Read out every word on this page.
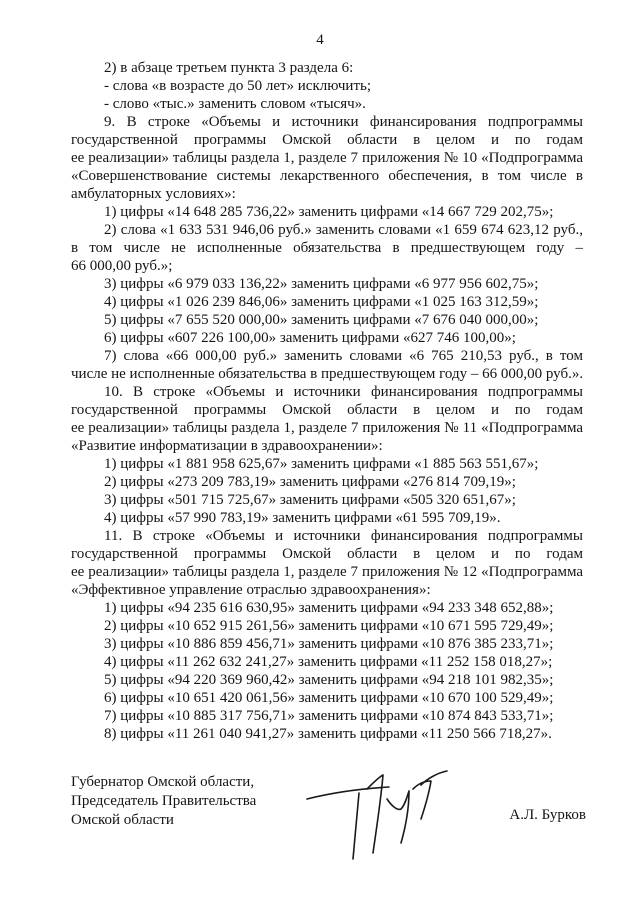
4
2) в абзаце третьем пункта 3 раздела 6:
- слова «в возрасте до 50 лет» исключить;
- слово «тыс.» заменить словом «тысяч».
9. В строке «Объемы и источники финансирования подпрограммы
государственной программы Омской области в целом и по годам
ее реализации» таблицы раздела 1, разделе 7 приложения № 10 «Подпрограмма
«Совершенствование системы лекарственного обеспечения, в том числе в
амбулаторных условиях»:
1) цифры «14 648 285 736,22» заменить цифрами «14 667 729 202,75»;
2) слова «1 633 531 946,06 руб.» заменить словами «1 659 674 623,12 руб.,
в том числе не исполненные обязательства в предшествующем году –
66 000,00 руб.»;
3) цифры «6 979 033 136,22» заменить цифрами «6 977 956 602,75»;
4) цифры «1 026 239 846,06» заменить цифрами «1 025 163 312,59»;
5) цифры «7 655 520 000,00» заменить цифрами «7 676 040 000,00»;
6) цифры «607 226 100,00» заменить цифрами «627 746 100,00»;
7) слова «66 000,00 руб.» заменить словами «6 765 210,53 руб., в том
числе не исполненные обязательства в предшествующем году – 66 000,00 руб.».
10. В строке «Объемы и источники финансирования подпрограммы
государственной программы Омской области в целом и по годам
ее реализации» таблицы раздела 1, разделе 7 приложения № 11 «Подпрограмма
«Развитие информатизации в здравоохранении»:
1) цифры «1 881 958 625,67» заменить цифрами «1 885 563 551,67»;
2) цифры «273 209 783,19» заменить цифрами «276 814 709,19»;
3) цифры «501 715 725,67» заменить цифрами «505 320 651,67»;
4) цифры «57 990 783,19» заменить цифрами «61 595 709,19».
11. В строке «Объемы и источники финансирования подпрограммы
государственной программы Омской области в целом и по годам
ее реализации» таблицы раздела 1, разделе 7 приложения № 12 «Подпрограмма
«Эффективное управление отраслью здравоохранения»:
1) цифры «94 235 616 630,95» заменить цифрами «94 233 348 652,88»;
2) цифры «10 652 915 261,56» заменить цифрами «10 671 595 729,49»;
3) цифры «10 886 859 456,71» заменить цифрами «10 876 385 233,71»;
4) цифры «11 262 632 241,27» заменить цифрами «11 252 158 018,27»;
5) цифры «94 220 369 960,42» заменить цифрами «94 218 101 982,35»;
6) цифры «10 651 420 061,56» заменить цифрами «10 670 100 529,49»;
7) цифры «10 885 317 756,71» заменить цифрами «10 874 843 533,71»;
8) цифры «11 261 040 941,27» заменить цифрами «11 250 566 718,27».
Губернатор Омской области,
Председатель Правительства
Омской области	А.Л. Бурков
